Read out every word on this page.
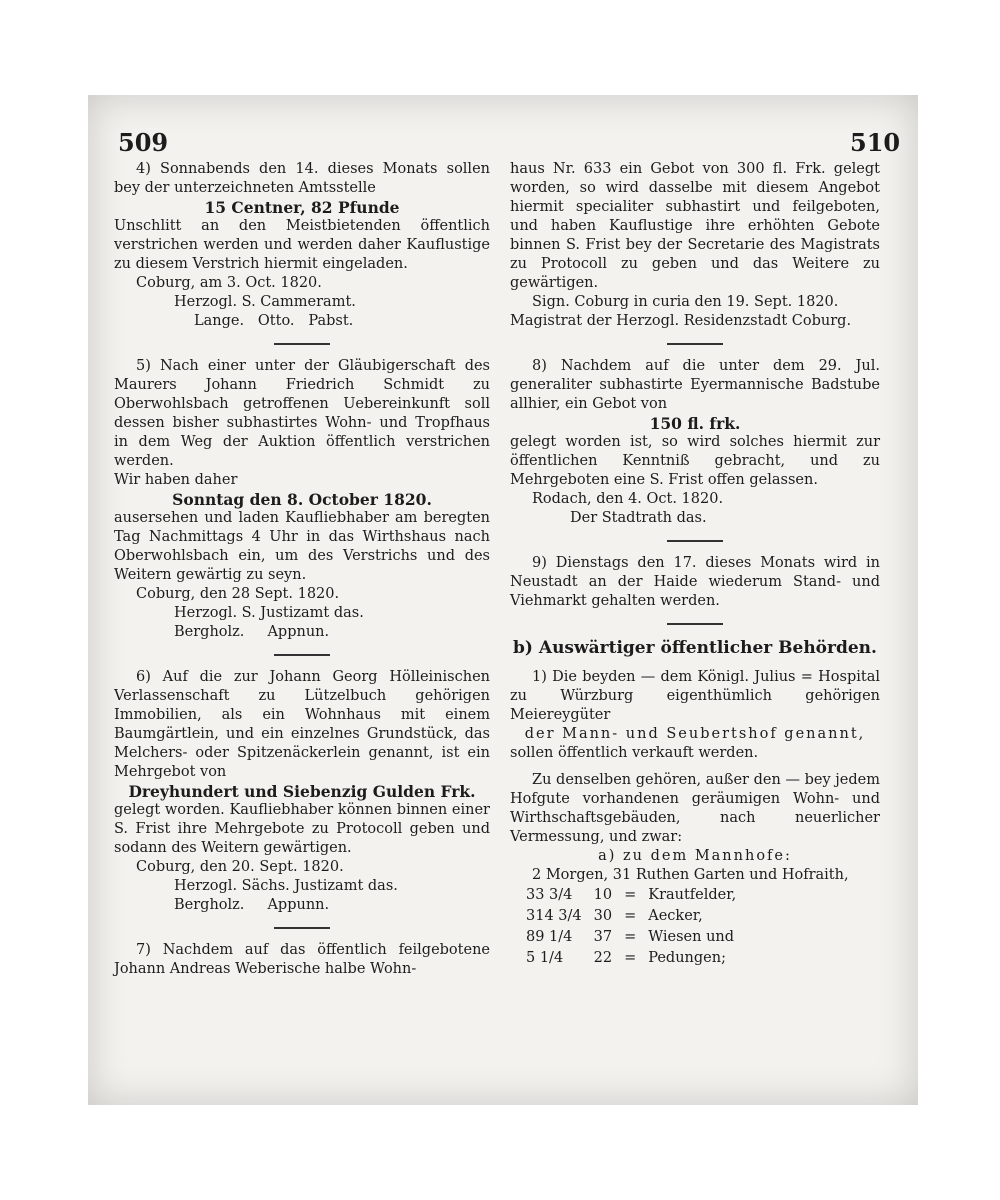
509	510

4) Sonnabends den 14. dieses Monats sollen bey der unterzeichneten Amtsstelle

15 Centner, 82 Pfunde

Unschlitt an den Meistbietenden öffentlich verstrichen werden und werden daher Kauflustige zu diesem Verstrich hiermit eingeladen.

Coburg, am 3. Oct. 1820.

Herzogl. S. Cammeramt.

Lange.   Otto.   Pabst.

5) Nach einer unter der Gläubigerschaft des Maurers Johann Friedrich Schmidt zu Oberwohlsbach getroffenen Uebereinkunft soll dessen bisher subhastirtes Wohn- und Tropfhaus in dem Weg der Auktion öffentlich verstrichen werden.

Wir haben daher

Sonntag den 8. October 1820.

ausersehen und laden Kaufliebhaber am beregten Tag Nachmittags 4 Uhr in das Wirthshaus nach Oberwohlsbach ein, um des Verstrichs und des Weitern gewärtig zu seyn.

Coburg, den 28 Sept. 1820.

Herzogl. S. Justizamt das.

Bergholz.     Appnun.

6) Auf die zur Johann Georg Hölleinischen Verlassenschaft zu Lützelbuch gehörigen Immobilien, als ein Wohnhaus mit einem Baumgärtlein, und ein einzelnes Grundstück, das Melchers- oder Spitzenäckerlein genannt, ist ein Mehrgebot von

Dreyhundert und Siebenzig Gulden Frk.

gelegt worden. Kaufliebhaber können binnen einer S. Frist ihre Mehrgebote zu Protocoll geben und sodann des Weitern gewärtigen.

Coburg, den 20. Sept. 1820.

Herzogl. Sächs. Justizamt das.

Bergholz.     Appunn.

7) Nachdem auf das öffentlich feilgebotene Johann Andreas Weberische halbe Wohn-

haus Nr. 633 ein Gebot von 300 fl. Frk. gelegt worden, so wird dasselbe mit diesem Angebot hiermit specialiter subhastirt und feilgeboten, und haben Kauflustige ihre erhöhten Gebote binnen S. Frist bey der Secretarie des Magistrats zu Protocoll zu geben und das Weitere zu gewärtigen.

Sign. Coburg in curia den 19. Sept. 1820.

Magistrat der Herzogl. Residenzstadt Coburg.

8) Nachdem auf die unter dem 29. Jul. generaliter subhastirte Eyermannische Badstube allhier, ein Gebot von

150 fl. frk.

gelegt worden ist, so wird solches hiermit zur öffentlichen Kenntniß gebracht, und zu Mehrgeboten eine S. Frist offen gelassen.

Rodach, den 4. Oct. 1820.

Der Stadtrath das.

9) Dienstags den 17. dieses Monats wird in Neustadt an der Haide wiederum Stand- und Viehmarkt gehalten werden.

b) Auswärtiger öffentlicher Behörden.

1) Die beyden — dem Königl. Julius = Hospital zu Würzburg eigenthümlich gehörigen Meiereygüter

der Mann- und Seubertshof genannt,

sollen öffentlich verkauft werden.

Zu denselben gehören, außer den — bey jedem Hofgute vorhandenen geräumigen Wohn- und Wirthschaftsgebäuden, nach neuerlicher Vermessung, und zwar:

a) zu dem Mannhofe:

2 Morgen, 31 Ruthen Garten und Hofraith,

33 3/4	10	=	Krautfelder,
314 3/4	30	=	Aecker,
89 1/4	37	=	Wiesen und
5 1/4	22	=	Pedungen;
